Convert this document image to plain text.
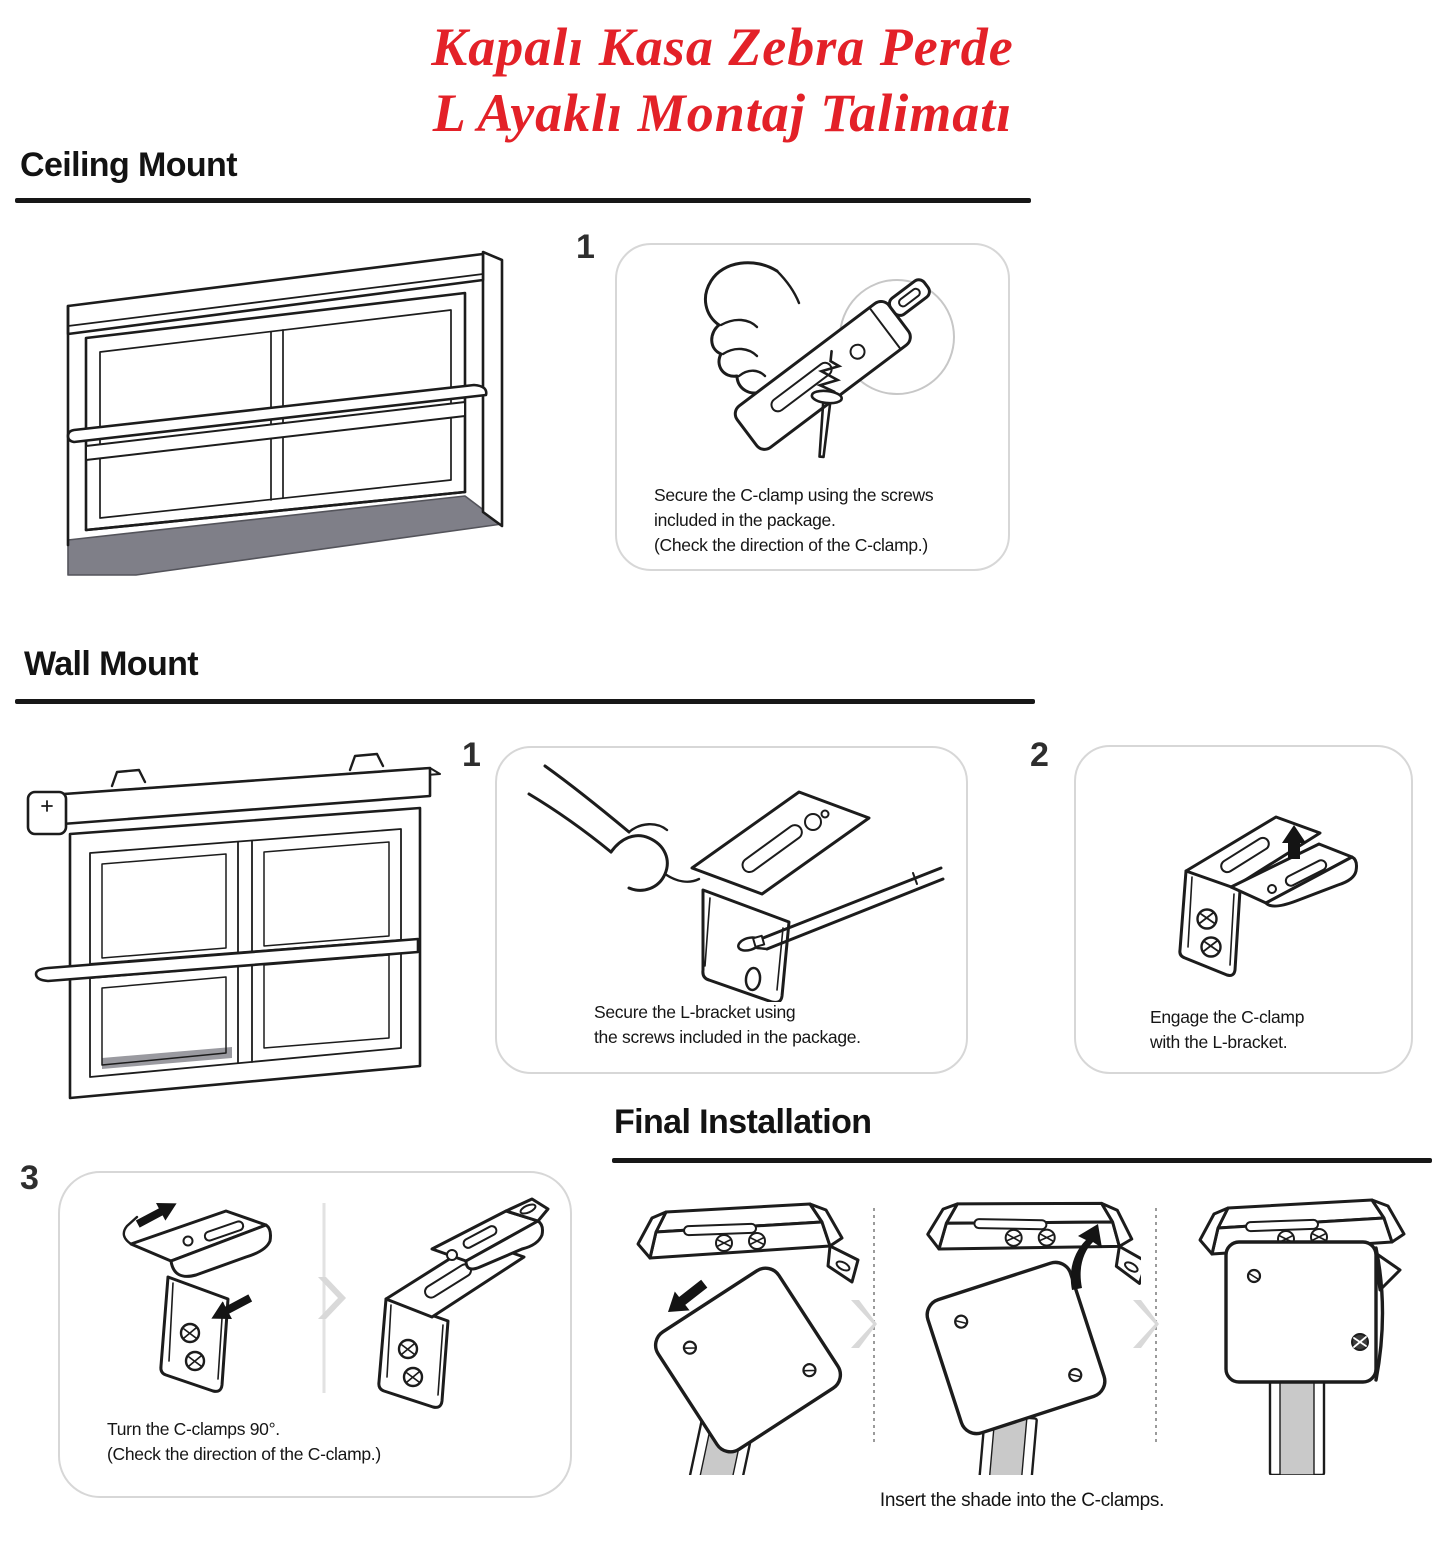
Kapalı Kasa Zebra Perde
L Ayaklı Montaj Talimatı
Ceiling Mount
1
Secure the C-clamp using the screws
included in the package.
(Check the direction of the C-clamp.)
Wall Mount
1
Secure the L-bracket using
the screws included in the package.
2
Engage the C-clamp
with the L-bracket.
Final Installation
3
Turn the C-clamps 90°.
(Check the direction of the C-clamp.)
Insert the shade into the C-clamps.
